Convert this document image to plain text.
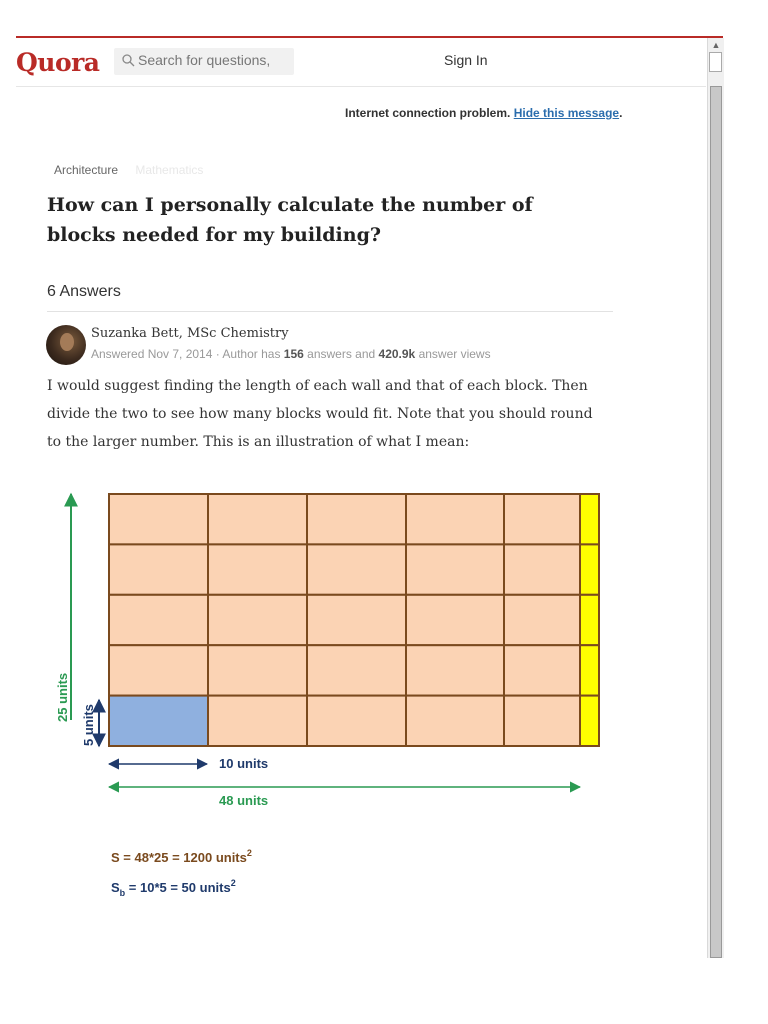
Quora	Search for questions,	Sign In
▲
Internet connection problem. Hide this message.
Architecture Mathematics
How can I personally calculate the number of blocks needed for my building?
6 Answers
Suzanka Bett, MSc Chemistry
Answered Nov 7, 2014 · Author has 156 answers and 420.9k answer views
I would suggest finding the length of each wall and that of each block. Then divide the two to see how many blocks would fit. Note that you should round to the larger number. This is an illustration of what I mean:
25 units
5 units
10 units
48 units
S = 48*25 = 1200 units$^2$
$S_b = 10*5 = 50$ units$^2$
